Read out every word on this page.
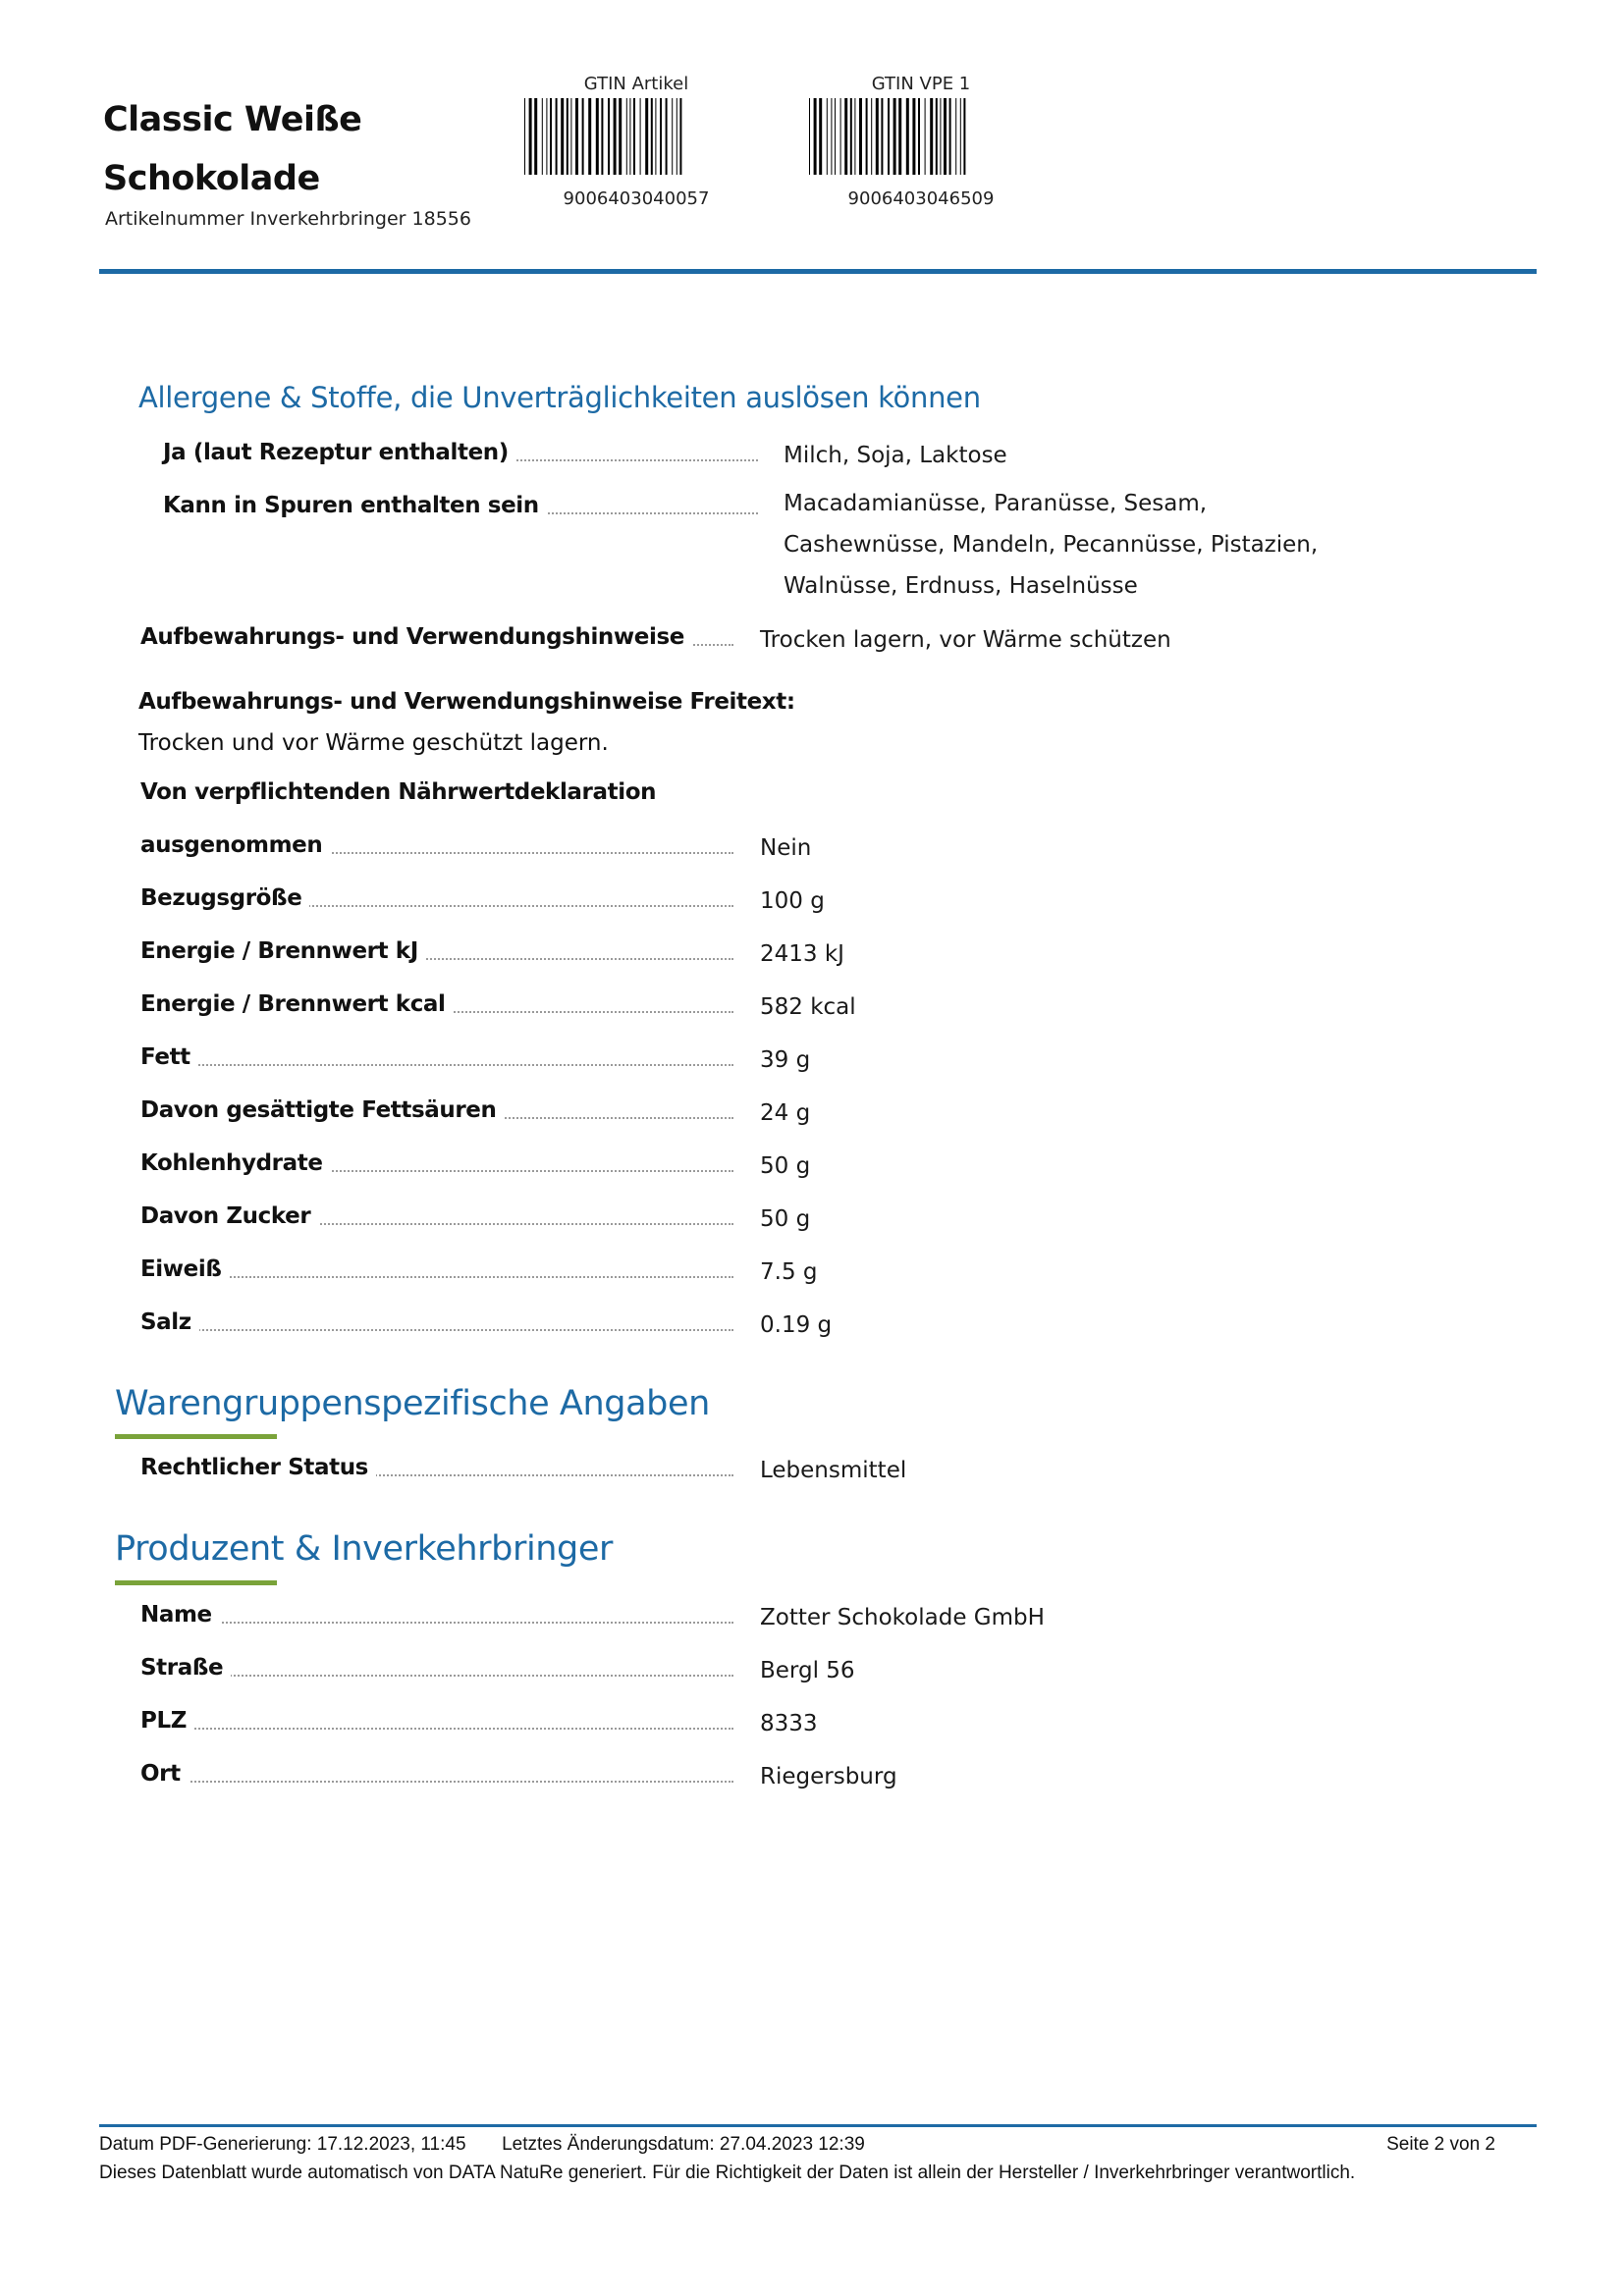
Classic Weiße
Schokolade
Artikelnummer Inverkehrbringer 18556
GTIN Artikel
9006403040057
GTIN VPE 1
9006403046509
Allergene & Stoffe, die Unverträglichkeiten auslösen können
Ja (laut Rezeptur enthalten)	Milch, Soja, Laktose
Kann in Spuren enthalten sein	Macadamianüsse, Paranüsse, Sesam,
Cashewnüsse, Mandeln, Pecannüsse, Pistazien,
Walnüsse, Erdnuss, Haselnüsse
Aufbewahrungs- und Verwendungshinweise	Trocken lagern, vor Wärme schützen
Aufbewahrungs- und Verwendungshinweise Freitext:
Trocken und vor Wärme geschützt lagern.
Von verpflichtenden Nährwertdeklaration
ausgenommen	Nein
Bezugsgröße	100 g
Energie / Brennwert kJ	2413 kJ
Energie / Brennwert kcal	582 kcal
Fett	39 g
Davon gesättigte Fettsäuren	24 g
Kohlenhydrate	50 g
Davon Zucker	50 g
Eiweiß	7.5 g
Salz	0.19 g
Warengruppenspezifische Angaben
Rechtlicher Status	Lebensmittel
Produzent & Inverkehrbringer
Name	Zotter Schokolade GmbH
Straße	Bergl 56
PLZ	8333
Ort	Riegersburg
Datum PDF-Generierung: 17.12.2023, 11:45 Letztes Änderungsdatum: 27.04.2023 12:39	Seite 2 von 2
Dieses Datenblatt wurde automatisch von DATA NatuRe generiert. Für die Richtigkeit der Daten ist allein der Hersteller / Inverkehrbringer verantwortlich.
